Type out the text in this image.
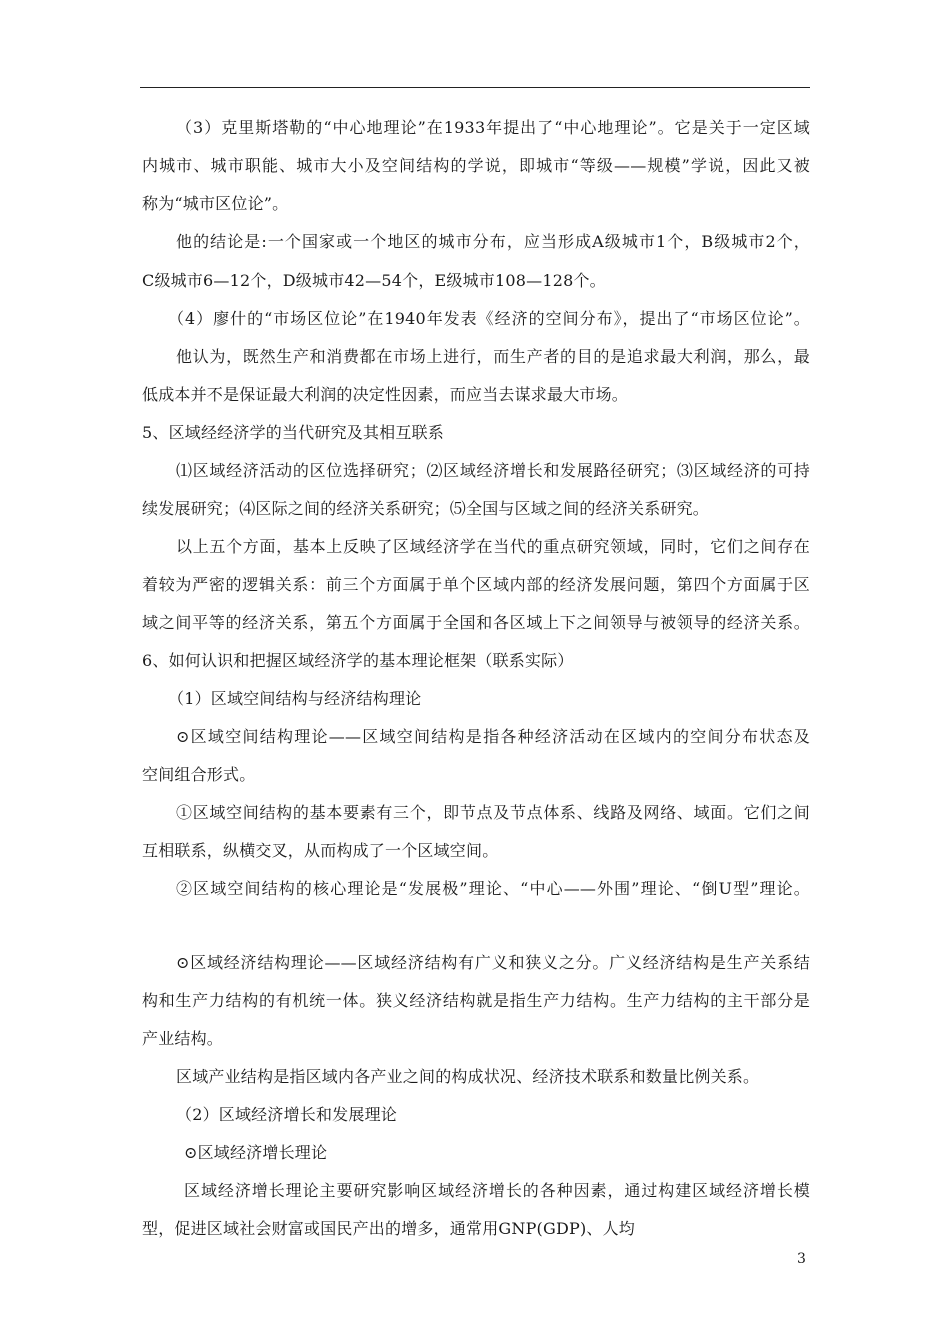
（3）克里斯塔勒的“中心地理论”在1933年提出了“中心地理论”。它是关于一定区域
内城市、城市职能、城市大小及空间结构的学说，即城市“等级——规模”学说，因此又被
称为“城市区位论”。
他的结论是:一个国家或一个地区的城市分布，应当形成A级城市1个，B级城市2个，
C级城市6—12个，D级城市42—54个，E级城市108—128个。
（4）廖什的“市场区位论”在1940年发表《经济的空间分布》，提出了“市场区位论”。
他认为，既然生产和消费都在市场上进行，而生产者的目的是追求最大利润，那么，最
低成本并不是保证最大利润的决定性因素，而应当去谋求最大市场。
5、区域经经济学的当代研究及其相互联系
⑴区域经济活动的区位选择研究；⑵区域经济增长和发展路径研究；⑶区域经济的可持
续发展研究；⑷区际之间的经济关系研究；⑸全国与区域之间的经济关系研究。
以上五个方面，基本上反映了区域经济学在当代的重点研究领域，同时，它们之间存在
着较为严密的逻辑关系：前三个方面属于单个区域内部的经济发展问题，第四个方面属于区
域之间平等的经济关系，第五个方面属于全国和各区域上下之间领导与被领导的经济关系。
6、如何认识和把握区域经济学的基本理论框架（联系实际）
（1）区域空间结构与经济结构理论
⊙区域空间结构理论——区域空间结构是指各种经济活动在区域内的空间分布状态及
空间组合形式。
①区域空间结构的基本要素有三个，即节点及节点体系、线路及网络、域面。它们之间
互相联系，纵横交叉，从而构成了一个区域空间。
②区域空间结构的核心理论是“发展极”理论、“中心——外围”理论、“倒U型”理论。
⊙区域经济结构理论——区域经济结构有广义和狭义之分。广义经济结构是生产关系结
构和生产力结构的有机统一体。狭义经济结构就是指生产力结构。生产力结构的主干部分是
产业结构。
区域产业结构是指区域内各产业之间的构成状况、经济技术联系和数量比例关系。
（2）区域经济增长和发展理论
⊙区域经济增长理论
区域经济增长理论主要研究影响区域经济增长的各种因素，通过构建区域经济增长模
型，促进区域社会财富或国民产出的增多，通常用GNP(GDP)、人均
3
